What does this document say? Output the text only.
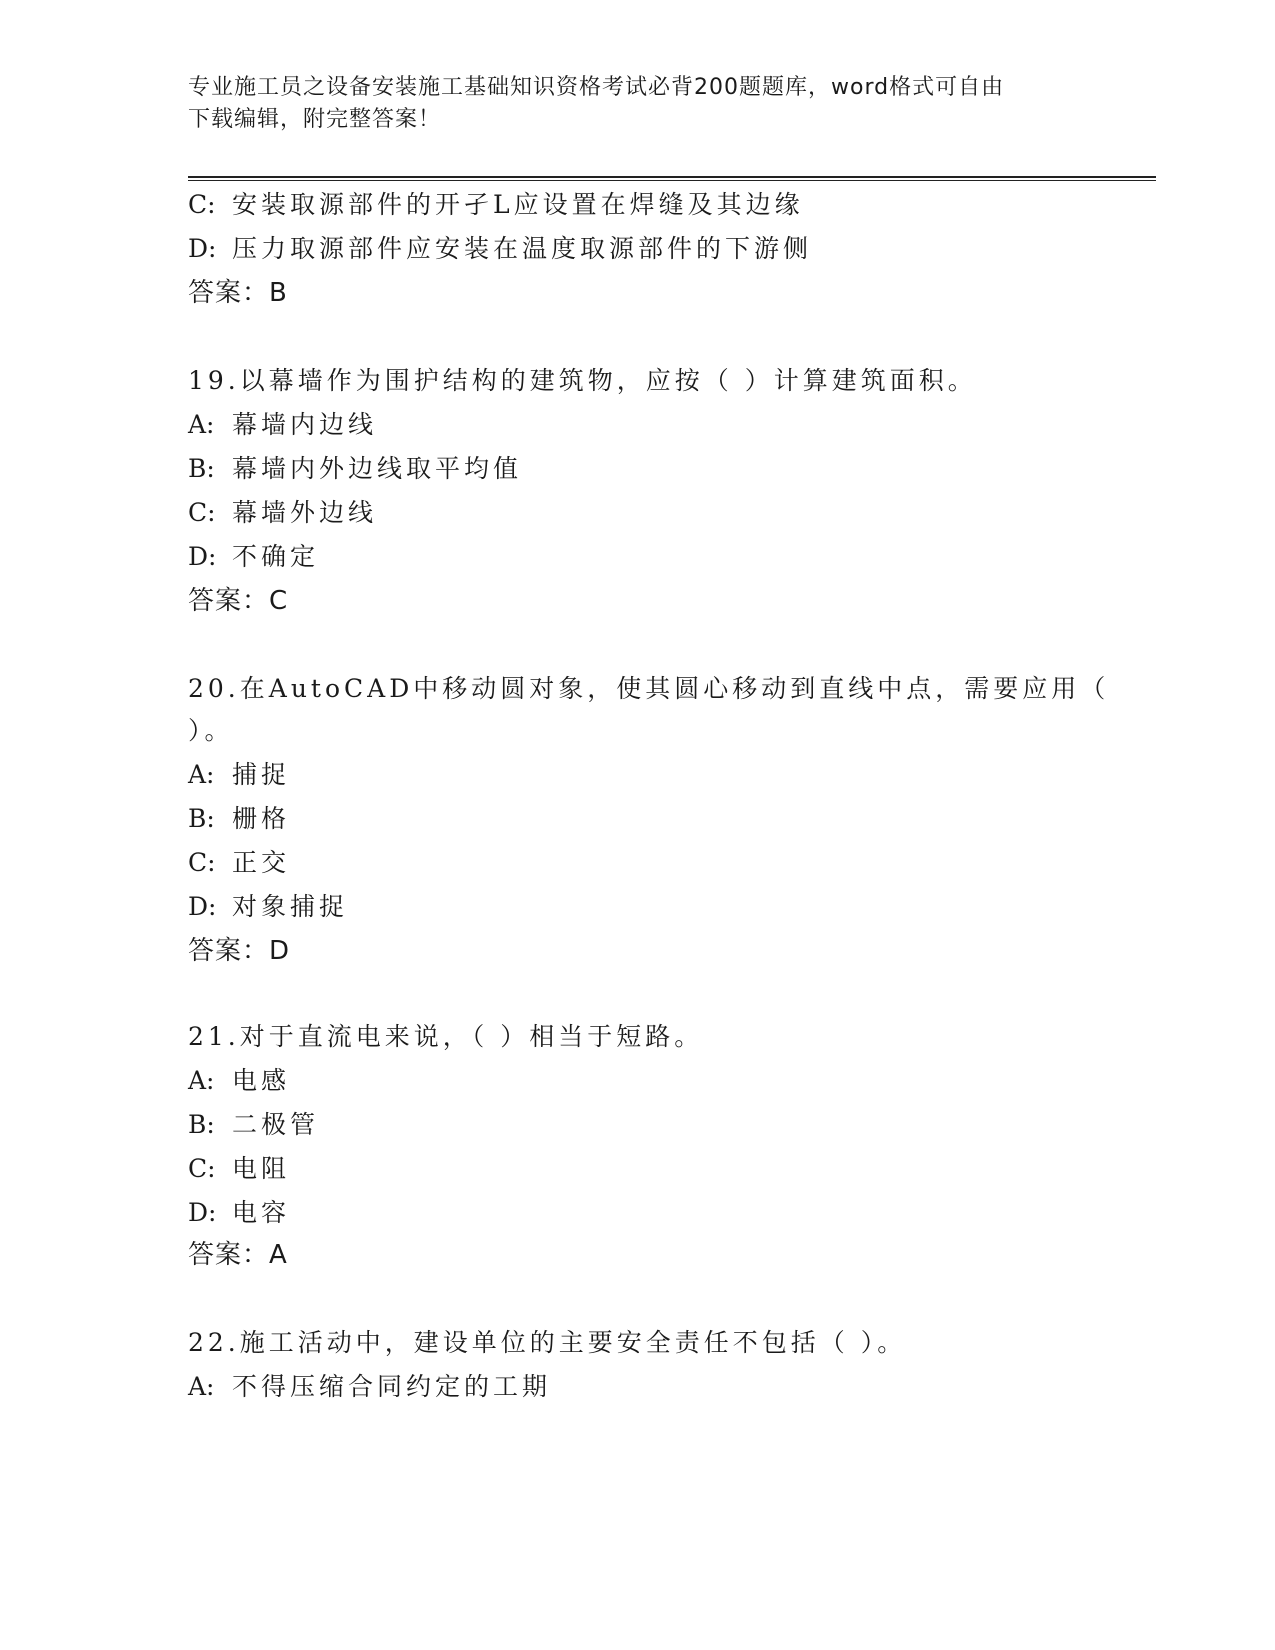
专业施工员之设备安装施工基础知识资格考试必背200题题库，word格式可自由
下载编辑，附完整答案！
C: 安装取源部件的开孑L应设置在焊缝及其边缘
D: 压力取源部件应安装在温度取源部件的下游侧
答案：B
19.以幕墙作为围护结构的建筑物，应按（ ）计算建筑面积。
A: 幕墙内边线
B: 幕墙内外边线取平均值
C: 幕墙外边线
D: 不确定
答案：C
20.在AutoCAD中移动圆对象，使其圆心移动到直线中点，需要应用（
）。
A: 捕捉
B: 栅格
C: 正交
D: 对象捕捉
答案：D
21.对于直流电来说，（ ）相当于短路。
A: 电感
B: 二极管
C: 电阻
D: 电容
答案：A
22.施工活动中，建设单位的主要安全责任不包括（ ）。
A: 不得压缩合同约定的工期
